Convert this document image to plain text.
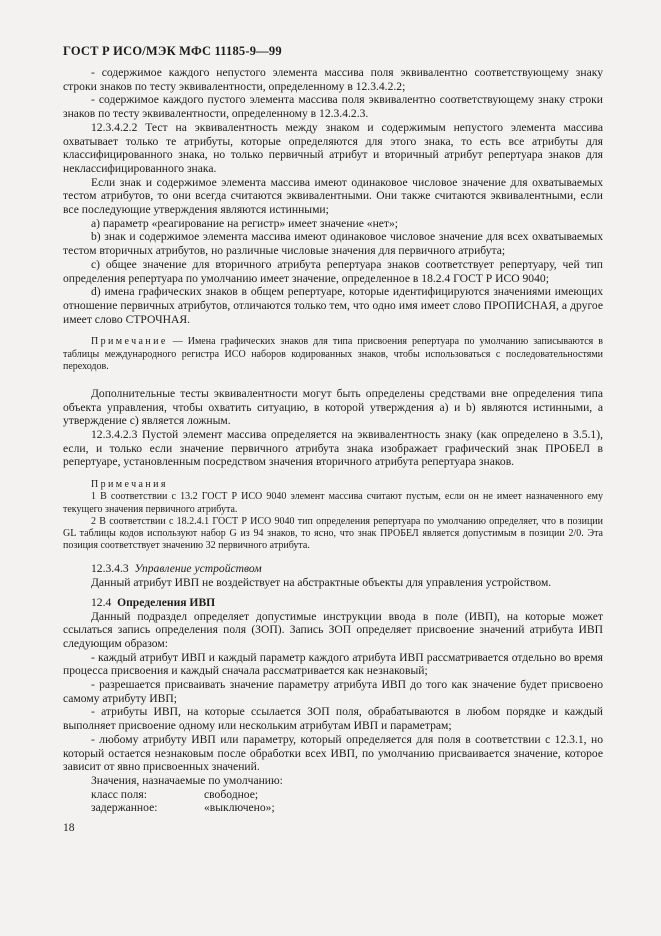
ГОСТ Р ИСО/МЭК МФС 11185-9—99

- содержимое каждого непустого элемента массива поля эквивалентно соответствующему знаку строки знаков по тесту эквивалентности, определенному в 12.3.4.2.2;

- содержимое каждого пустого элемента массива поля эквивалентно соответствующему знаку строки знаков по тесту эквивалентности, определенному в 12.3.4.2.3.

12.3.4.2.2 Тест на эквивалентность между знаком и содержимым непустого элемента массива охватывает только те атрибуты, которые определяются для этого знака, то есть все атрибуты для классифицированного знака, но только первичный атрибут и вторичный атрибут репертуара знаков для неклассифицированного знака.

Если знак и содержимое элемента массива имеют одинаковое числовое значение для охватываемых тестом атрибутов, то они всегда считаются эквивалентными. Они также считаются эквивалентными, если все последующие утверждения являются истинными;

a) параметр «реагирование на регистр» имеет значение «нет»;

b) знак и содержимое элемента массива имеют одинаковое числовое значение для всех охватываемых тестом вторичных атрибутов, но различные числовые значения для первичного атрибута;

c) общее значение для вторичного атрибута репертуара знаков соответствует репертуару, чей тип определения репертуара по умолчанию имеет значение, определенное в 18.2.4 ГОСТ Р ИСО 9040;

d) имена графических знаков в общем репертуаре, которые идентифицируются значениями имеющих отношение первичных атрибутов, отличаются только тем, что одно имя имеет слово ПРОПИСНАЯ, а другое имеет слово СТРОЧНАЯ.

Примечание — Имена графических знаков для типа присвоения репертуара по умолчанию записываются в таблицы международного регистра ИСО наборов кодированных знаков, чтобы использоваться с последовательностями переходов.

Дополнительные тесты эквивалентности могут быть определены средствами вне определения типа объекта управления, чтобы охватить ситуацию, в которой утверждения a) и b) являются истинными, а утверждение c) является ложным.

12.3.4.2.3 Пустой элемент массива определяется на эквивалентность знаку (как определено в 3.5.1), если, и только если значение первичного атрибута знака изображает графический знак ПРОБЕЛ в репертуаре, установленным посредством значения вторичного атрибута репертуара знаков.

Примечания

1 В соответствии с 13.2 ГОСТ Р ИСО 9040 элемент массива считают пустым, если он не имеет назначенного ему текущего значения первичного атрибута.

2 В соответствии с 18.2.4.1 ГОСТ Р ИСО 9040 тип определения репертуара по умолчанию определяет, что в позиции GL таблицы кодов используют набор G из 94 знаков, то ясно, что знак ПРОБЕЛ является допустимым в позиции 2/0. Эта позиция соответствует значению 32 первичного атрибута.

12.3.4.3 Управление устройством

Данный атрибут ИВП не воздействует на абстрактные объекты для управления устройством.

12.4 Определения ИВП

Данный подраздел определяет допустимые инструкции ввода в поле (ИВП), на которые может ссылаться запись определения поля (ЗОП). Запись ЗОП определяет присвоение значений атрибута ИВП следующим образом:

- каждый атрибут ИВП и каждый параметр каждого атрибута ИВП рассматривается отдельно во время процесса присвоения и каждый сначала рассматривается как незнаковый;

- разрешается присваивать значение параметру атрибута ИВП до того как значение будет присвоено самому атрибуту ИВП;

- атрибуты ИВП, на которые ссылается ЗОП поля, обрабатываются в любом порядке и каждый выполняет присвоение одному или нескольким атрибутам ИВП и параметрам;

- любому атрибуту ИВП или параметру, который определяется для поля в соответствии с 12.3.1, но который остается незнаковым после обработки всех ИВП, по умолчанию присваивается значение, которое зависит от явно присвоенных значений.

Значения, назначаемые по умолчанию:

класс поля:	свободное;
задержанное:	«выключено»;
18
